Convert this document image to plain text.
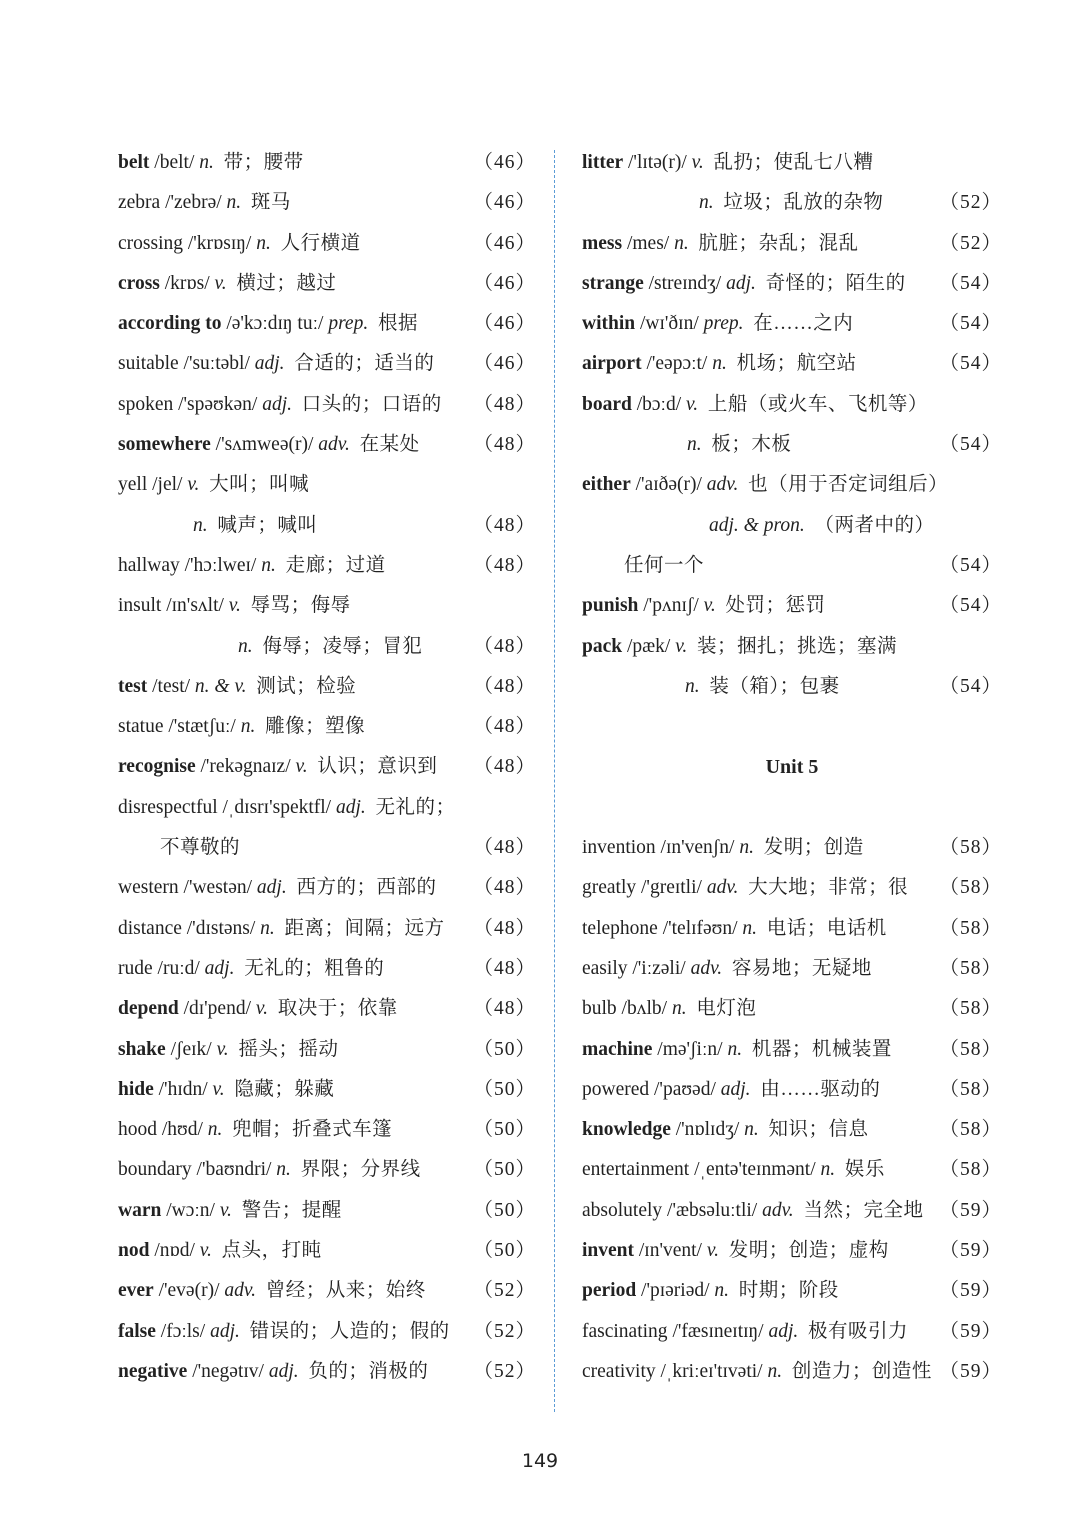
belt /belt/ n. 带；腰带	（46）
zebra /'zebrə/ n. 斑马	（46）
crossing /'krɒsɪŋ/ n. 人行横道	（46）
cross /krɒs/ v. 横过；越过	（46）
according to /ə'kɔːdɪŋ tuː/ prep. 根据	（46）
suitable /'suːtəbl/ adj. 合适的；适当的 （46）
spoken /'spəʊkən/ adj. 口头的；口语的 （48）
somewhere /'sʌmweə(r)/ adv. 在某处	（48）
yell /jel/ v. 大叫；叫喊
n. 喊声；喊叫	（48）
hallway /'hɔːlweɪ/ n. 走廊；过道	（48）
insult /ɪn'sʌlt/ v. 辱骂；侮辱
n. 侮辱；凌辱；冒犯	（48）
test /test/ n. & v. 测试；检验	（48）
statue /'stætʃuː/ n. 雕像；塑像	（48）
recognise /'rekəgnaɪz/ v. 认识；意识到 （48）
disrespectful /ˌdɪsrɪ'spektfl/ adj. 无礼的；
不尊敬的	（48）
western /'westən/ adj. 西方的；西部的 （48）
distance /'dɪstəns/ n. 距离；间隔；远方 （48）
rude /ruːd/ adj. 无礼的；粗鲁的	（48）
depend /dɪ'pend/ v. 取决于；依靠	（48）
shake /ʃeɪk/ v. 摇头；摇动	（50）
hide /'hɪdn/ v. 隐藏；躲藏	（50）
hood /hʊd/ n. 兜帽；折叠式车篷	（50）
boundary /'baʊndri/ n. 界限；分界线	（50）
warn /wɔːn/ v. 警告；提醒	（50）
nod /nɒd/ v. 点头，打盹	（50）
ever /'evə(r)/ adv. 曾经；从来；始终 （52）
false /fɔːls/ adj. 错误的；人造的；假的 （52）
negative /'negətɪv/ adj. 负的；消极的 （52）
litter /'lɪtə(r)/ v. 乱扔；使乱七八糟
n. 垃圾；乱放的杂物	（52）
mess /mes/ n. 肮脏；杂乱；混乱	（52）
strange /streɪndʒ/ adj. 奇怪的；陌生的 （54）
within /wɪ'ðɪn/ prep. 在……之内	（54）
airport /'eəpɔːt/ n. 机场；航空站	（54）
board /bɔːd/ v. 上船（或火车、飞机等）
n. 板；木板	（54）
either /'aɪðə(r)/ adv. 也（用于否定词组后）
adj. & pron. （两者中的）
任何一个	（54）
punish /'pʌnɪʃ/ v. 处罚；惩罚	（54）
pack /pæk/ v. 装；捆扎；挑选；塞满
n. 装（箱）；包裹	（54）
Unit 5
invention /ɪn'venʃn/ n. 发明；创造	（58）
greatly /'greɪtli/ adv. 大大地；非常；很 （58）
telephone /'telɪfəʊn/ n. 电话；电话机	（58）
easily /'iːzəli/ adv. 容易地；无疑地	（58）
bulb /bʌlb/ n. 电灯泡	（58）
machine /mə'ʃiːn/ n. 机器；机械装置 （58）
powered /'paʊəd/ adj. 由……驱动的	（58）
knowledge /'nɒlɪdʒ/ n. 知识；信息	（58）
entertainment /ˌentə'teɪnmənt/ n. 娱乐	（58）
absolutely /'æbsəluːtli/ adv. 当然；完全地 （59）
invent /ɪn'vent/ v. 发明；创造；虚构	（59）
period /'pɪəriəd/ n. 时期；阶段	（59）
fascinating /'fæsɪneɪtɪŋ/ adj. 极有吸引力 （59）
creativity /ˌkriːeɪ'tɪvəti/ n. 创造力；创造性 （59）
149
